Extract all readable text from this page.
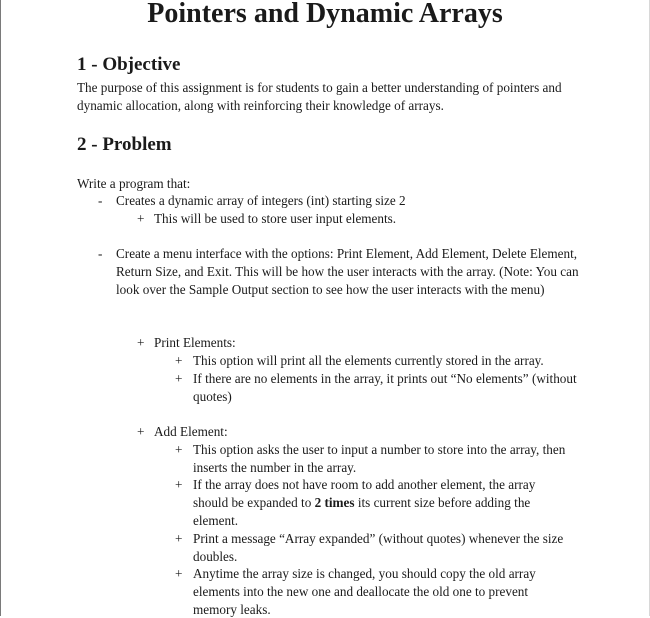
Pointers and Dynamic Arrays
1 - Objective

The purpose of this assignment is for students to gain a better understanding of pointers and dynamic allocation, along with reinforcing their knowledge of arrays.

2 - Problem

Write a program that:

- Creates a dynamic array of integers (int) starting size 2

+ This will be used to store user input elements.

- Create a menu interface with the options: Print Element, Add Element, Delete Element, Return Size, and Exit. This will be how the user interacts with the array. (Note: You can look over the Sample Output section to see how the user interacts with the menu)

+ Print Elements:

+ This option will print all the elements currently stored in the array.

+ If there are no elements in the array, it prints out “No elements” (without quotes)

+ Add Element:

+ This option asks the user to input a number to store into the array, then inserts the number in the array.

+ If the array does not have room to add another element, the array should be expanded to 2 times its current size before adding the element.

+ Print a message “Array expanded” (without quotes) whenever the size doubles.

+ Anytime the array size is changed, you should copy the old array elements into the new one and deallocate the old one to prevent memory leaks.
